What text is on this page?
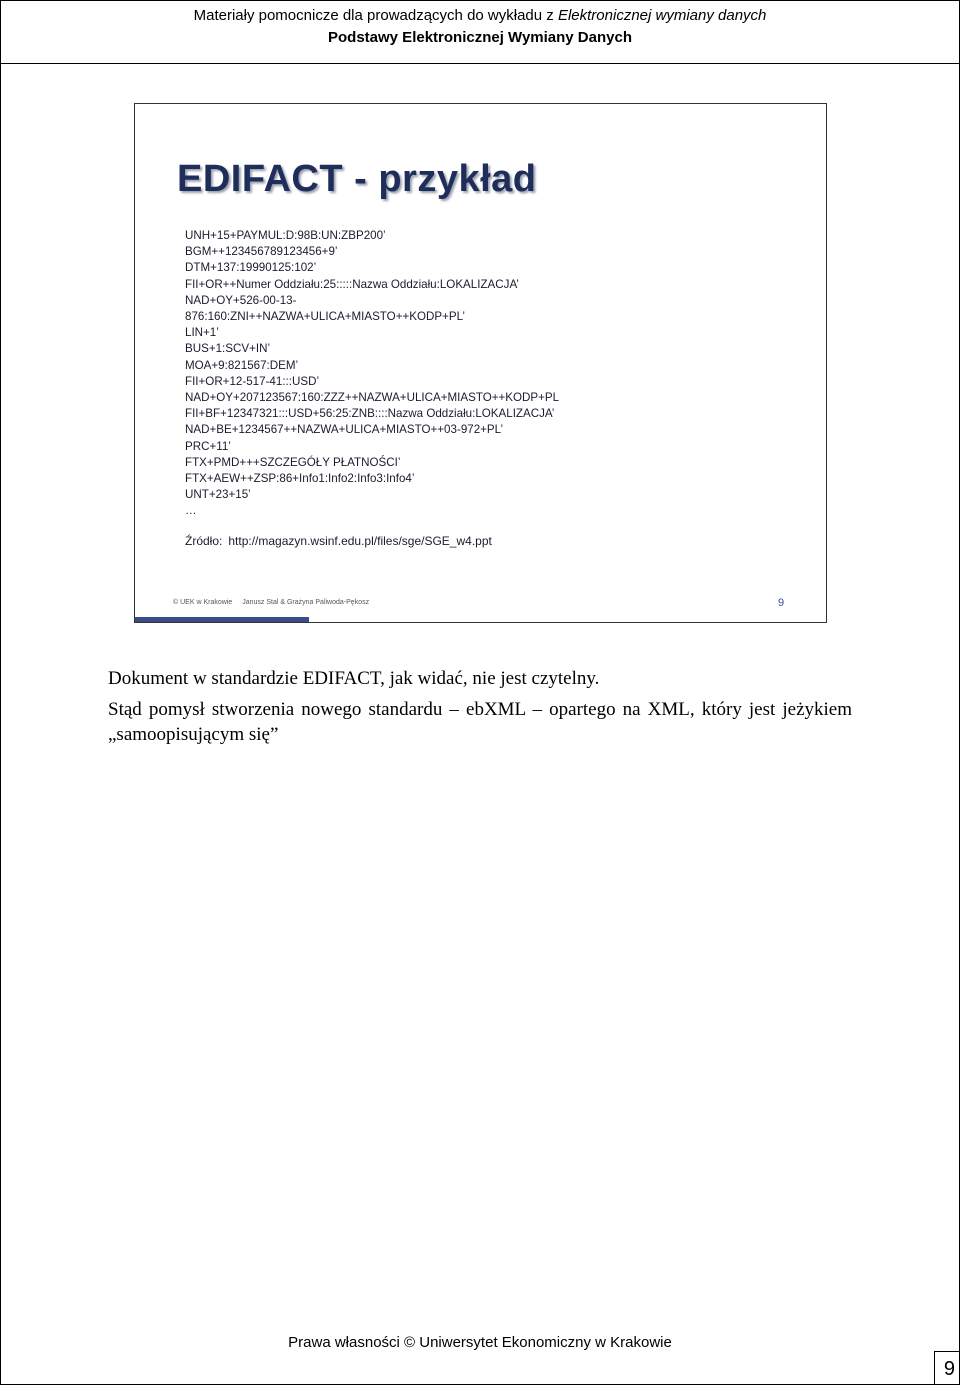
Materiały pomocnicze dla prowadzących do wykładu z Elektronicznej wymiany danych
Podstawy Elektronicznej Wymiany Danych
EDIFACT - przykład
UNH+15+PAYMUL:D:98B:UN:ZBP200’
BGM++123456789123456+9’
DTM+137:19990125:102’
FII+OR++Numer Oddziału:25:::::Nazwa Oddziału:LOKALIZACJA’
NAD+OY+526-00-13-
876:160:ZNI++NAZWA+ULICA+MIASTO++KODP+PL’
LIN+1’
BUS+1:SCV+IN’
MOA+9:821567:DEM’
FII+OR+12-517-41:::USD’
NAD+OY+207123567:160:ZZZ++NAZWA+ULICA+MIASTO++KODP+PL
FII+BF+12347321:::USD+56:25:ZNB::::Nazwa Oddziału:LOKALIZACJA’
NAD+BE+1234567++NAZWA+ULICA+MIASTO++03-972+PL’
PRC+11’
FTX+PMD+++SZCZEGÓŁY PŁATNOŚCI’
FTX+AEW++ZSP:86+Info1:Info2:Info3:Info4’
UNT+23+15’
…
Źródło: http://magazyn.wsinf.edu.pl/files/sge/SGE_w4.ppt
© UEK w Krakowie Janusz Stal & Grażyna Paliwoda-Pękosz	9

Dokument w standardzie EDIFACT, jak widać, nie jest czytelny.

Stąd pomysł stworzenia nowego standardu – ebXML – opartego na XML, który jest jeżykiem „samoopisującym się”

Prawa własności © Uniwersytet Ekonomiczny w Krakowie
9
